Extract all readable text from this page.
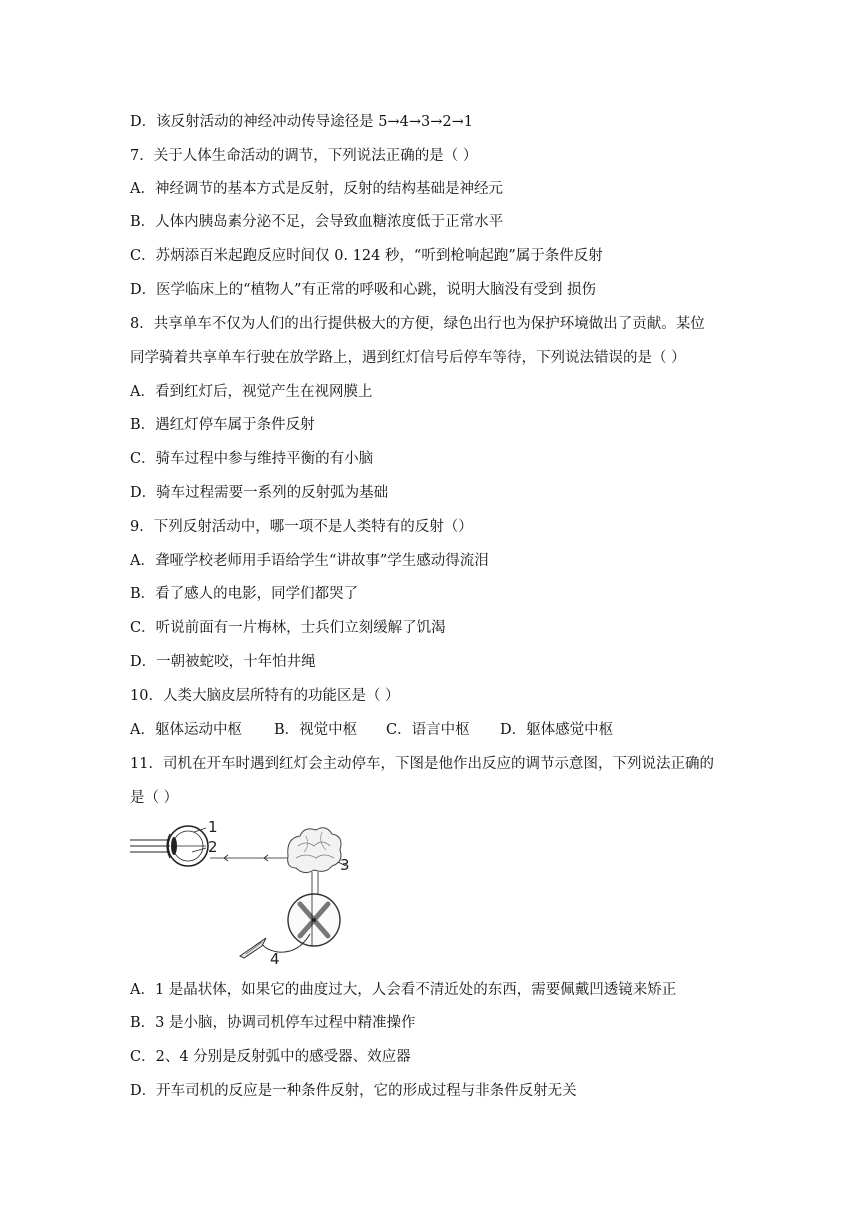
D．该反射活动的神经冲动传导途径是 5→4→3→2→1
7．关于人体生命活动的调节，下列说法正确的是（ ）
A．神经调节的基本方式是反射，反射的结构基础是神经元
B．人体内胰岛素分泌不足，会导致血糖浓度低于正常水平
C．苏炳添百米起跑反应时间仅 0. 124 秒，“听到枪响起跑”属于条件反射
D．医学临床上的“植物人”有正常的呼吸和心跳，说明大脑没有受到 损伤
8．共享单车不仅为人们的出行提供极大的方便，绿色出行也为保护环境做出了贡献。某位
同学骑着共享单车行驶在放学路上，遇到红灯信号后停车等待，下列说法错误的是（ ）
A．看到红灯后，视觉产生在视网膜上
B．遇红灯停车属于条件反射
C．骑车过程中参与维持平衡的有小脑
D．骑车过程需要一系列的反射弧为基础
9．下列反射活动中，哪一项不是人类特有的反射（）
A．聋哑学校老师用手语给学生“讲故事”学生感动得流泪
B．看了感人的电影，同学们都哭了
C．听说前面有一片梅林，士兵们立刻缓解了饥渴
D．一朝被蛇咬，十年怕井绳
10．人类大脑皮层所特有的功能区是（ ）
A．躯体运动中枢	B．视觉中枢	C．语言中枢	D．躯体感觉中枢
11．司机在开车时遇到红灯会主动停车，下图是他作出反应的调节示意图，下列说法正确的
是（ ）
1
2
3
4
A．1 是晶状体，如果它的曲度过大，人会看不清近处的东西，需要佩戴凹透镜来矫正
B．3 是小脑，协调司机停车过程中精准操作
C．2、4 分别是反射弧中的感受器、效应器
D．开车司机的反应是一种条件反射，它的形成过程与非条件反射无关
